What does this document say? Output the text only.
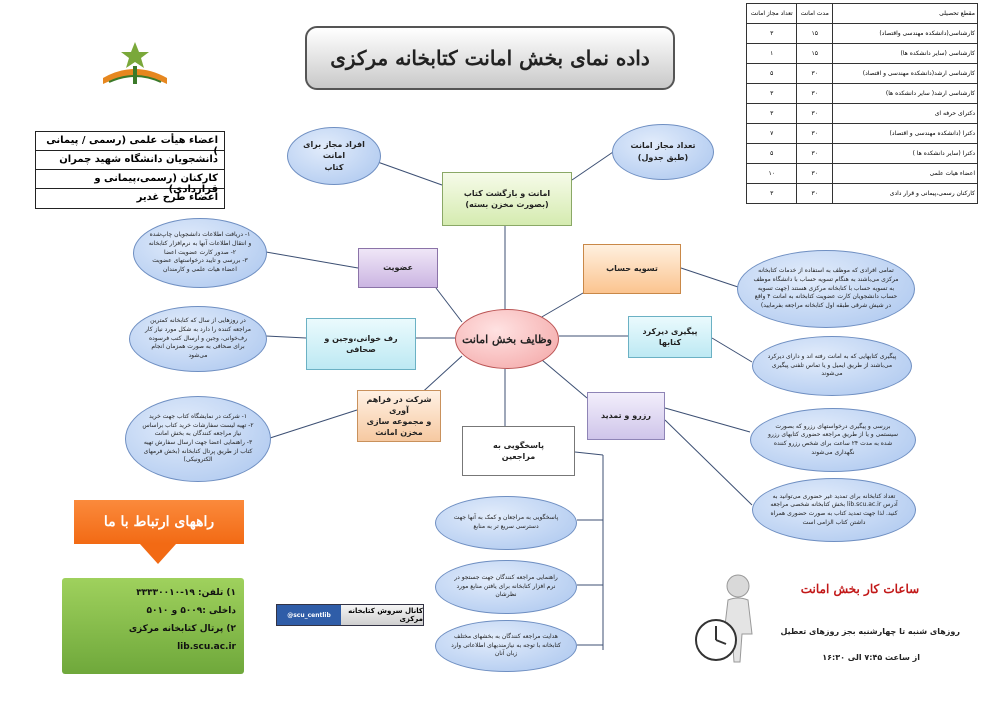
داده نمای بخش امانت کتابخانه مرکزی
اعضاء هیأت علمی (رسمی / پیمانی )
دانشجویان دانشگاه شهید چمران
کارکنان (رسمی،پیمانی و قراردادی)
اعضاء طرح غدیر
مقطع تحصیلی	مدت امانت	تعداد مجاز امانت
کارشناسی(دانشکده مهندسی واقتصاد)	۱۵	۳
کارشناسی (سایر دانشکده ها)	۱۵	۱
کارشناسی ارشد(دانشکده مهندسی و اقتصاد)	۳۰	۵
کارشناسی ارشد( سایر دانشکده ها)	۳۰	۳
دکترای حرفه ای	۳۰	۳
دکترا (دانشکده مهندسی و اقتصاد)	۳۰	۷
دکترا (سایر دانشکده ها )	۳۰	۵
اعضاء هیات علمی	۳۰	۱۰
کارکنان رسمی،پیمانی و قرار دادی	۳۰	۳
افراد مجاز برای امانت
کتاب
تعداد مجاز امانت
(طبق جدول)
وظایف بخش امانت
امانت و بازگشت کتاب
(بصورت مخزن بسته)
عضویت	تسویه حساب
رف خوانی،وجین و صحافی
پیگیری دیرکرد کتابها
شرکت در فراهم آوری
و مجموعه سازی
مخزن امانت
رزرو و تمدید
پاسخگویی به
مراجعین
۱- دریافت اطلاعات دانشجویان چاپ‌شده و انتقال اطلاعات آنها به نرم‌افزار کتابخانه
۲- صدور کارت عضویت اعضا
۳- بررسی و تایید درخواستهای عضویت اعضاء هیات علمی و کارمندان	تمامی افرادی که موظف به استفاده از خدمات کتابخانه مرکزی می‌باشند به هنگام تسویه حساب با دانشگاه موظف به تسویه حساب با کتابخانه مرکزی هستند (جهت تسویه حساب دانشجویان کارت عضویت کتابخانه به امانت ۴ واقع در شیش شرقی طبقه اول کتابخانه مراجعه بفرمایید)
در روزهایی از سال که کتابخانه کمترین مراجعه کننده را دارد به شکل مورد نیاز کار رف‌خوانی، وجین و ارسال کتب فرسوده برای صحافی به صورت همزمان انجام می‌شود	پیگیری کتابهایی که به امانت رفته اند و دارای دیرکرد می‌باشند از طریق ایمیل و یا تماس تلفنی پیگیری می‌شوند
۱- شرکت در نمایشگاه کتاب جهت خرید
۲- تهیه لیست سفارشات خرید کتاب براساس نیاز مراجعه کنندگان به بخش امانت
۳- راهنمایی اعضا جهت ارسال سفارش تهیه کتاب از طریق پرتال کتابخانه (بخش فرمهای الکترونیکی)
بررسی و پیگیری درخواستهای رزرو که بصورت سیستمی و یا از طریق مراجعه حضوری کتابهای رزرو شده به مدت ۲۴ ساعت برای شخص رزرو کننده نگهداری می‌شوند
تعداد کتابخانه برای تمدید غیر حضوری می‌توانید به آدرس lib.scu.ac.ir بخش کتابخانه شخصی مراجعه کنید. لذا جهت تمدید کتاب به صورت حضوری همراه داشتن کتاب الزامی است
پاسخگویی به مراجعان و کمک به آنها جهت دسترسی سریع تر به منابع
راهنمایی مراجعه کنندگان جهت جستجو در نرم افزار کتابخانه برای یافتن منابع مورد نظرشان
هدایت مراجعه کنندگان به بخشهای مختلف کتابخانه با توجه به نیازمندیهای اطلاعاتی وارد زبان آنان
راههای ارتباط با ما
۱) تلفن: ۱۹-۳۳۳۳۰۰۱۰
داخلی :۵۰۰۹ و ۵۰۱۰
۲) پرتال کتابخانه مرکزی lib.scu.ac.ir
@scu_centlib	کانال سروش کتابخانه مرکزی
ساعات کار بخش امانت
روزهای شنبه تا چهارشنبه بجز روزهای تعطیل
از ساعت ۷:۴۵ الی ۱۶:۳۰
